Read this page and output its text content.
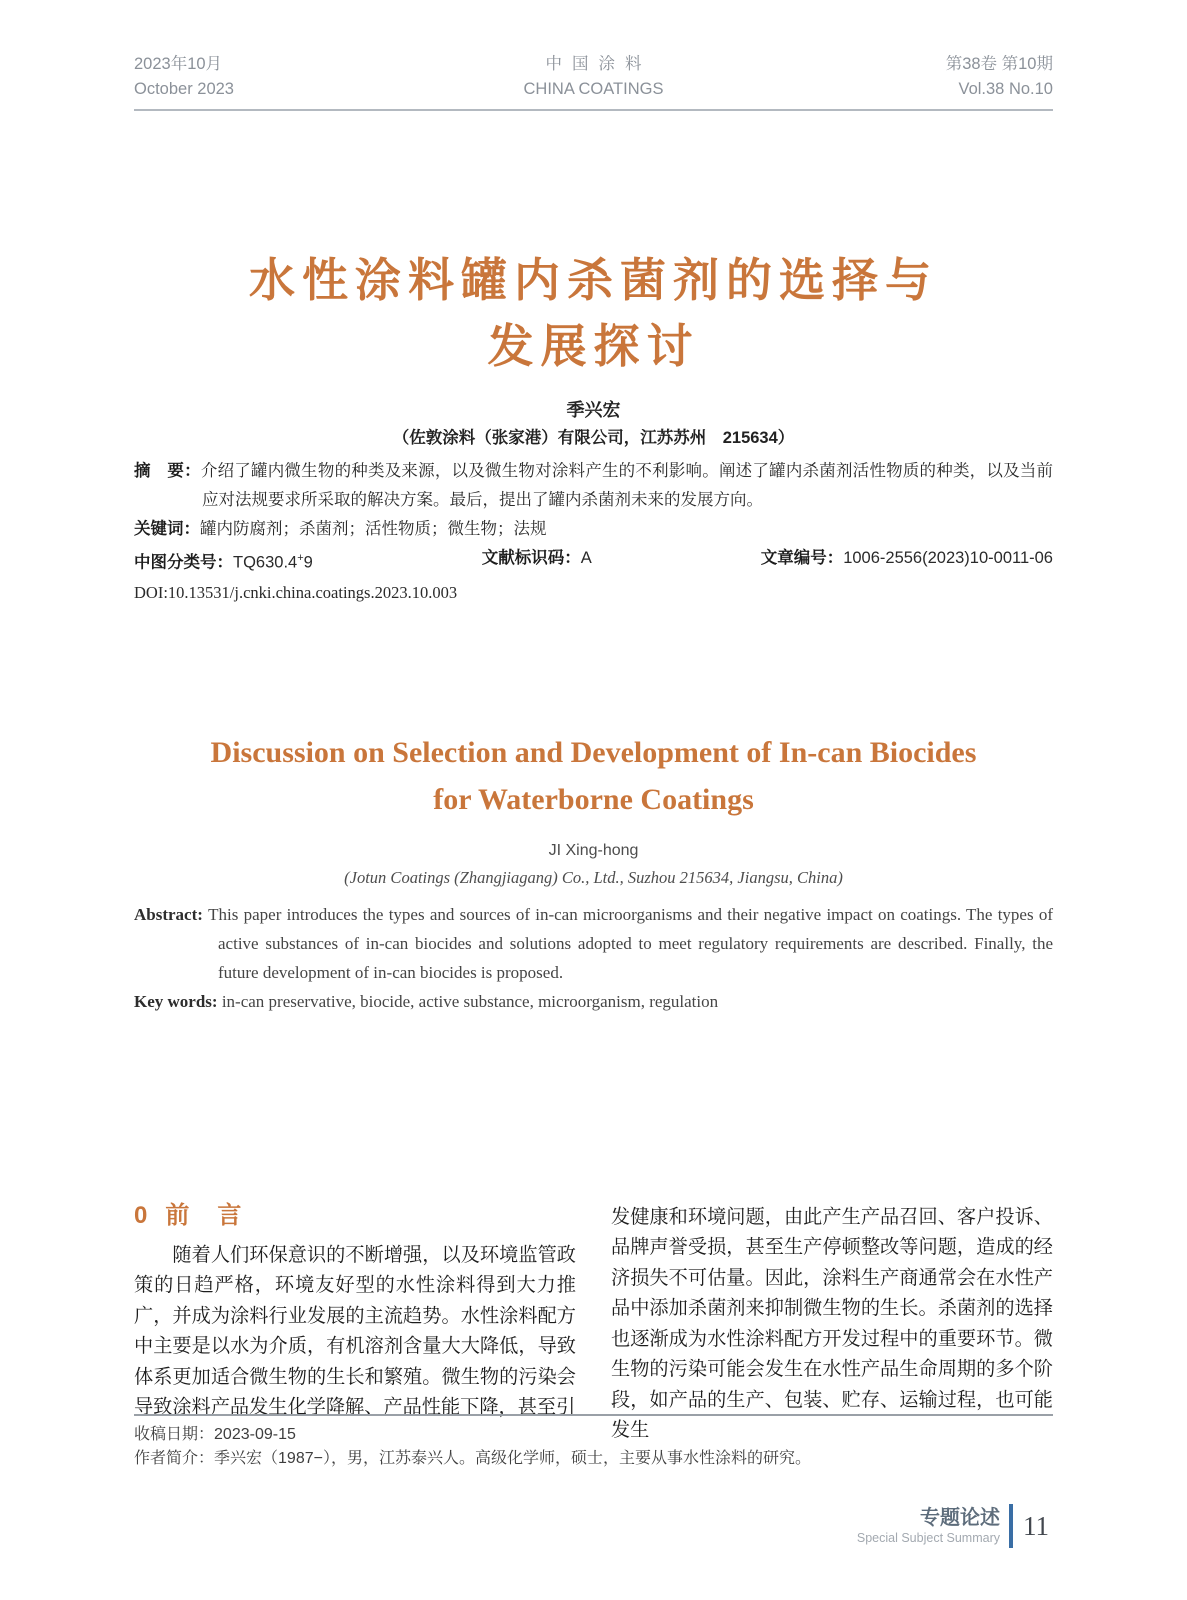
2023年10月
October 2023
中国涂料
CHINA COATINGS
第38卷 第10期
Vol.38 No.10
水性涂料罐内杀菌剂的选择与
发展探讨
季兴宏
（佐敦涂料（张家港）有限公司，江苏苏州　215634）

摘　要：介绍了罐内微生物的种类及来源，以及微生物对涂料产生的不利影响。阐述了罐内杀菌剂活性物质的种类，以及当前应对法规要求所采取的解决方案。最后，提出了罐内杀菌剂未来的发展方向。

关键词：罐内防腐剂；杀菌剂；活性物质；微生物；法规

中图分类号：TQ630.4+9	文献标识码：A	文章编号：1006-2556(2023)10-0011-06
DOI:10.13531/j.cnki.china.coatings.2023.10.003
Discussion on Selection and Development of In-can Biocides
for Waterborne Coatings
JI Xing-hong
(Jotun Coatings (Zhangjiagang) Co., Ltd., Suzhou 215634, Jiangsu, China)

Abstract: This paper introduces the types and sources of in-can microorganisms and their negative impact on coatings. The types of active substances of in-can biocides and solutions adopted to meet regulatory requirements are described. Finally, the future development of in-can biocides is proposed.

Key words: in-can preservative, biocide, active substance, microorganism, regulation

0 前　言

随着人们环保意识的不断增强，以及环境监管政策的日趋严格，环境友好型的水性涂料得到大力推广，并成为涂料行业发展的主流趋势。水性涂料配方中主要是以水为介质，有机溶剂含量大大降低，导致体系更加适合微生物的生长和繁殖。微生物的污染会导致涂料产品发生化学降解、产品性能下降，甚至引

发健康和环境问题，由此产生产品召回、客户投诉、品牌声誉受损，甚至生产停顿整改等问题，造成的经济损失不可估量。因此，涂料生产商通常会在水性产品中添加杀菌剂来抑制微生物的生长。杀菌剂的选择也逐渐成为水性涂料配方开发过程中的重要环节。微生物的污染可能会发生在水性产品生命周期的多个阶段，如产品的生产、包装、贮存、运输过程，也可能发生

收稿日期：2023-09-15
作者简介：季兴宏（1987−），男，江苏泰兴人。高级化学师，硕士，主要从事水性涂料的研究。
专题论述
Special Subject Summary 11
